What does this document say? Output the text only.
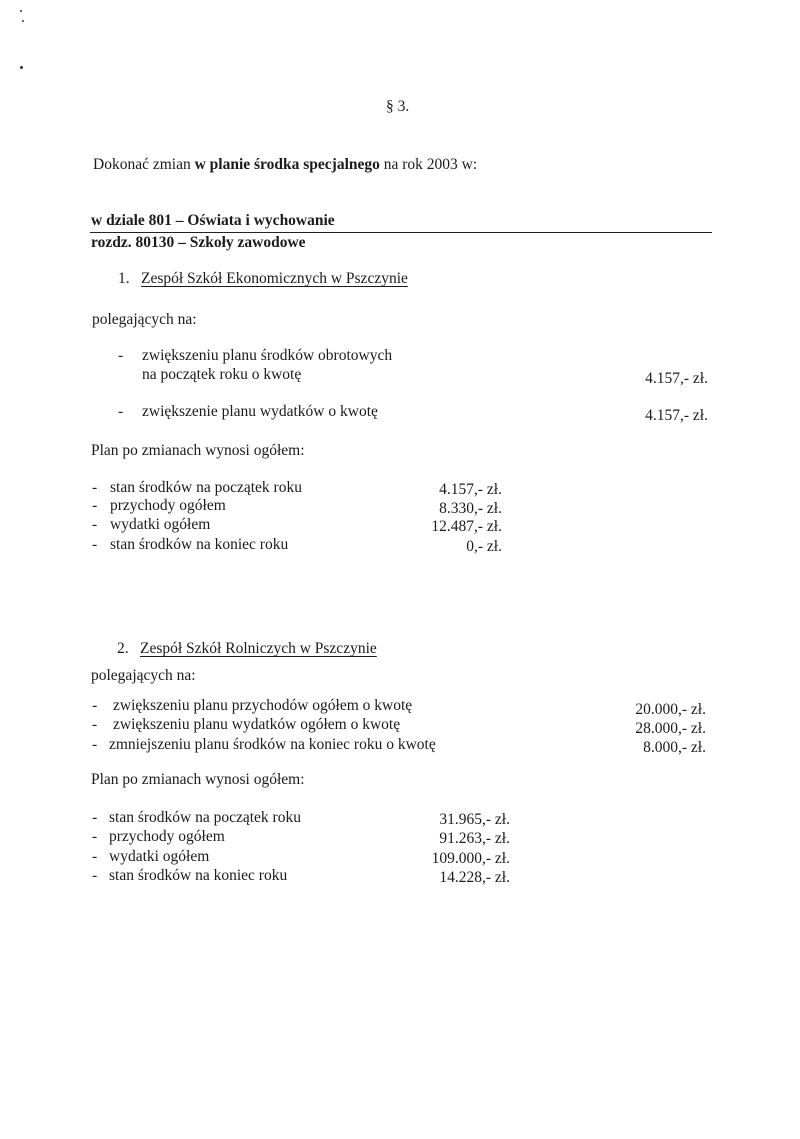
§ 3.
Dokonać zmian w planie środka specjalnego na rok 2003 w:
w dziale 801 – Oświata i wychowanie
rozdz. 80130 – Szkoły zawodowe
1. Zespół Szkół Ekonomicznych w Pszczynie
polegających na:
- zwiększeniu planu środków obrotowych
na początek roku o kwotę	4.157,- zł.
- zwiększenie planu wydatków o kwotę	4.157,- zł.
Plan po zmianach wynosi ogółem:
- stan środków na początek roku	4.157,- zł.
- przychody ogółem	8.330,- zł.
- wydatki ogółem	12.487,- zł.
- stan środków na koniec roku	0,- zł.
2. Zespół Szkół Rolniczych w Pszczynie
polegających na:
- zwiększeniu planu przychodów ogółem o kwotę	20.000,- zł.
- zwiększeniu planu wydatków ogółem o kwotę	28.000,- zł.
- zmniejszeniu planu środków na koniec roku o kwotę	8.000,- zł.
Plan po zmianach wynosi ogółem:
- stan środków na początek roku	31.965,- zł.
- przychody ogółem	91.263,- zł.
- wydatki ogółem	109.000,- zł.
- stan środków na koniec roku	14.228,- zł.
